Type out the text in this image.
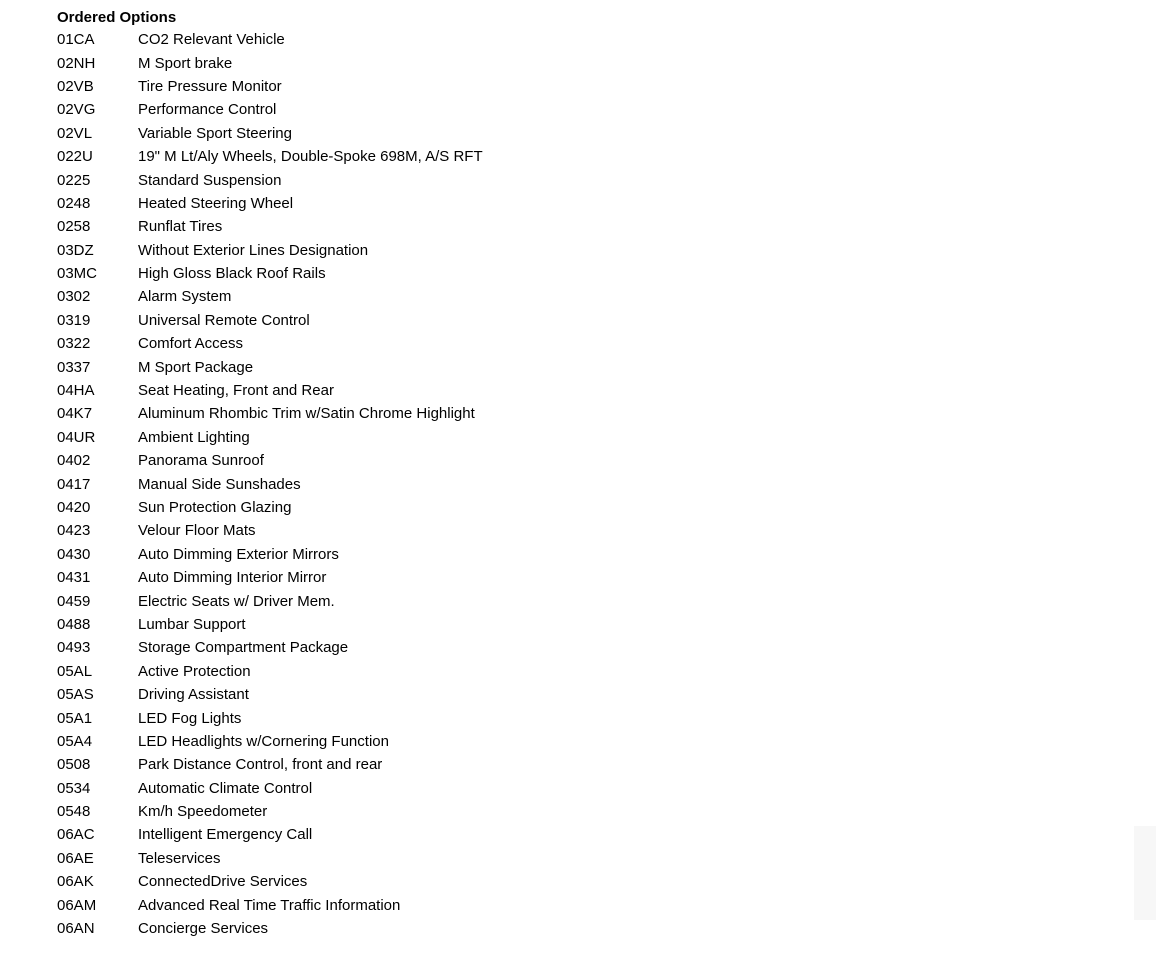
Ordered Options
01CA	CO2 Relevant Vehicle
02NH	M Sport brake
02VB	Tire Pressure Monitor
02VG	Performance Control
02VL	Variable Sport Steering
022U	19" M Lt/Aly Wheels, Double-Spoke 698M, A/S RFT
0225	Standard Suspension
0248	Heated Steering Wheel
0258	Runflat Tires
03DZ	Without Exterior Lines Designation
03MC	High Gloss Black Roof Rails
0302	Alarm System
0319	Universal Remote Control
0322	Comfort Access
0337	M Sport Package
04HA	Seat Heating, Front and Rear
04K7	Aluminum Rhombic Trim w/Satin Chrome Highlight
04UR	Ambient Lighting
0402	Panorama Sunroof
0417	Manual Side Sunshades
0420	Sun Protection Glazing
0423	Velour Floor Mats
0430	Auto Dimming Exterior Mirrors
0431	Auto Dimming Interior Mirror
0459	Electric Seats w/ Driver Mem.
0488	Lumbar Support
0493	Storage Compartment Package
05AL	Active Protection
05AS	Driving Assistant
05A1	LED Fog Lights
05A4	LED Headlights w/Cornering Function
0508	Park Distance Control, front and rear
0534	Automatic Climate Control
0548	Km/h Speedometer
06AC	Intelligent Emergency Call
06AE	Teleservices
06AK	ConnectedDrive Services
06AM	Advanced Real Time Traffic Information
06AN	Concierge Services
